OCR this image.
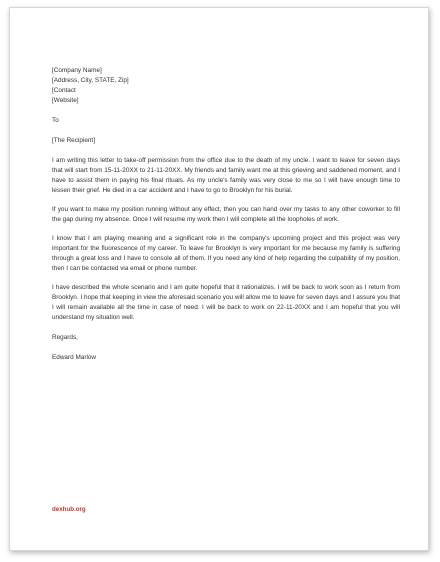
[Company Name]
[Address, City, STATE, Zip]
[Contact
[Website]
To
[The Recipient]

I am writing this letter to take-off permission from the office due to the death of my uncle. I want to leave for seven days that will start from 15-11-20XX to 21-11-20XX. My friends and family want me at this grieving and saddened moment, and I have to assist them in paying his final rituals. As my uncle's family was very close to me so I will have enough time to lessen their grief. He died in a car accident and I have to go to Brooklyn for his burial.

If you want to make my position running without any effect, then you can hand over my tasks to any other coworker to fill the gap during my absence. Once I will resume my work then I will complete all the loopholes of work.

I know that I am playing meaning and a significant role in the company's upcoming project and this project was very important for the fluorescence of my career. To leave for Brooklyn is very important for me because my family is suffering through a great loss and I have to console all of them. If you need any kind of help regarding the culpability of my position, then I can be contacted via email or phone number.

I have described the whole scenario and I am quite hopeful that it rationalizes. I will be back to work soon as I return from Brooklyn. I hope that keeping in view the aforesaid scenario you will allow me to leave for seven days and I assure you that I will remain available all the time in case of need. I will be back to work on 22-11-20XX and I am hopeful that you will understand my situation well.

Regards,
Edward Marlow
dexhub.org
